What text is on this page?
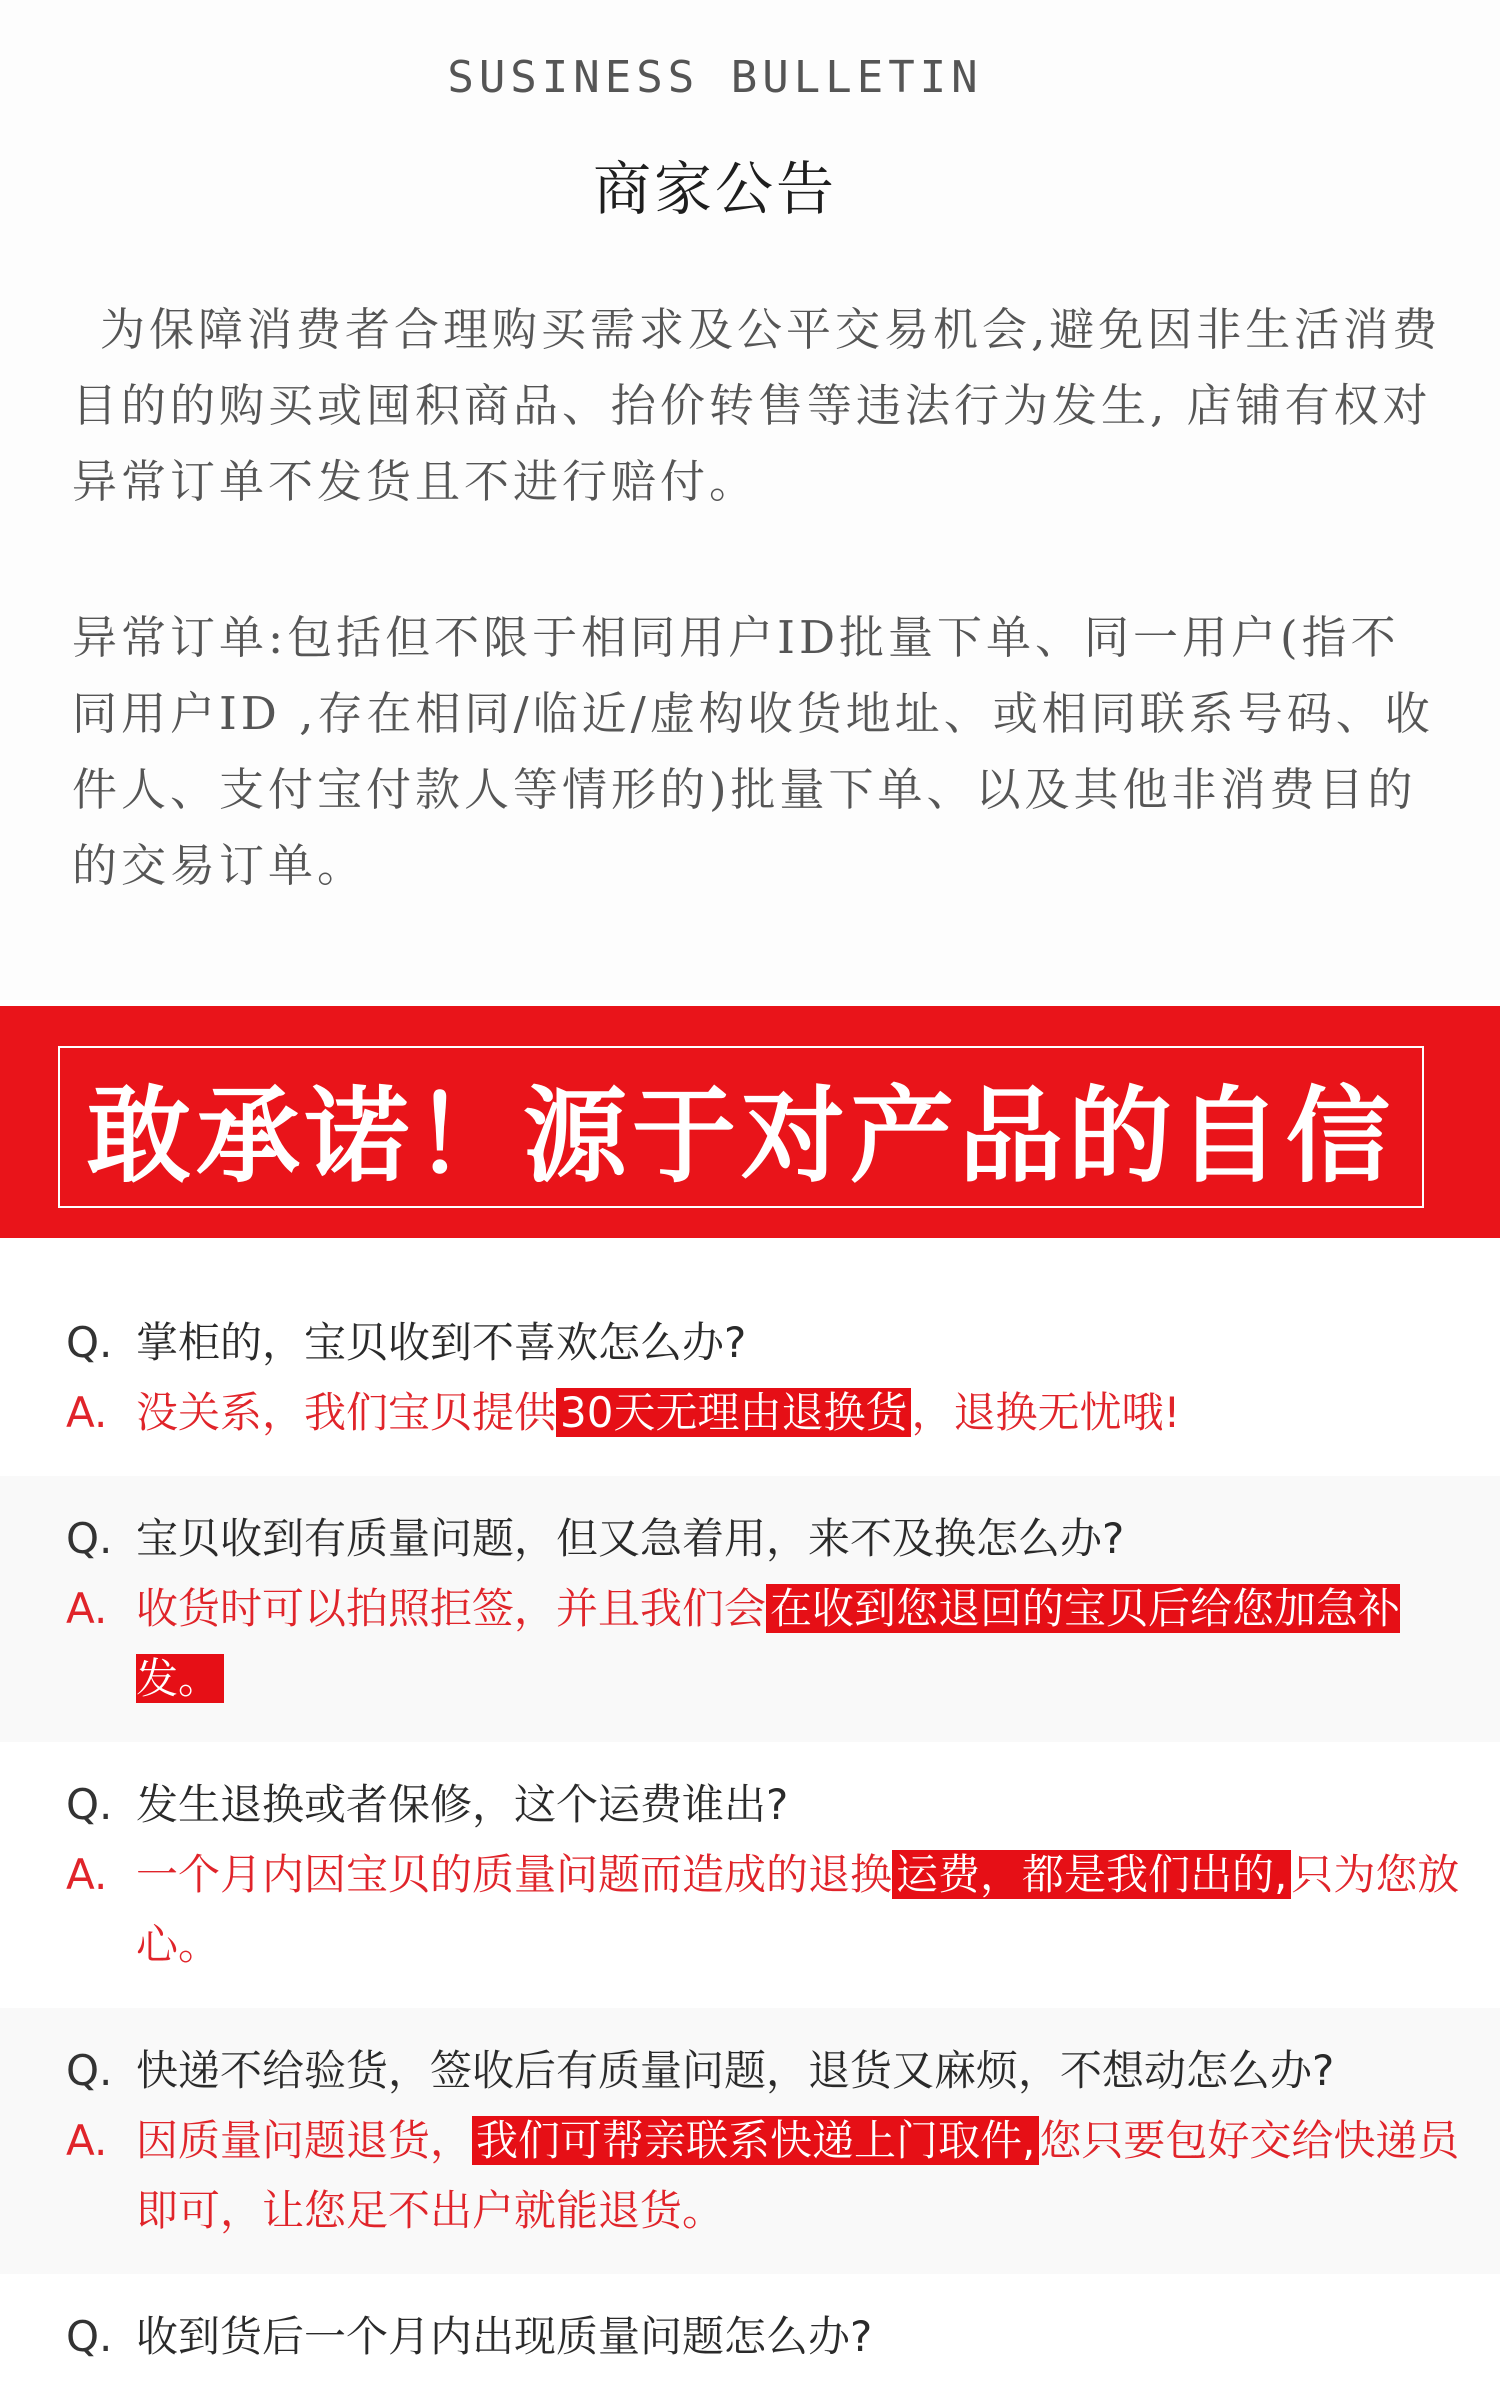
SUSINESS BULLETIN
商家公告
为保障消费者合理购买需求及公平交易机会,避免因非生活消费目的的购买或囤积商品、抬价转售等违法行为发生, 店铺有权对异常订单不发货且不进行赔付。
异常订单:包括但不限于相同用户ID批量下单、同一用户(指不同用户ID ,存在相同/临近/虚构收货地址、或相同联系号码、收件人、支付宝付款人等情形的)批量下单、以及其他非消费目的的交易订单。
敢承诺！源于对产品的自信
Q. 掌柜的，宝贝收到不喜欢怎么办?
A. 没关系，我们宝贝提供30天无理由退换货，退换无忧哦!
Q. 宝贝收到有质量问题，但又急着用，来不及换怎么办?
A. 收货时可以拍照拒签，并且我们会在收到您退回的宝贝后给您加急补发。
Q. 发生退换或者保修，这个运费谁出?
A. 一个月内因宝贝的质量问题而造成的退换运费，都是我们出的,只为您放心。
Q. 快递不给验货，签收后有质量问题，退货又麻烦，不想动怎么办?
A. 因质量问题退货，我们可帮亲联系快递上门取件,您只要包好交给快递员即可，让您足不出户就能退货。
Q. 收到货后一个月内出现质量问题怎么办?
